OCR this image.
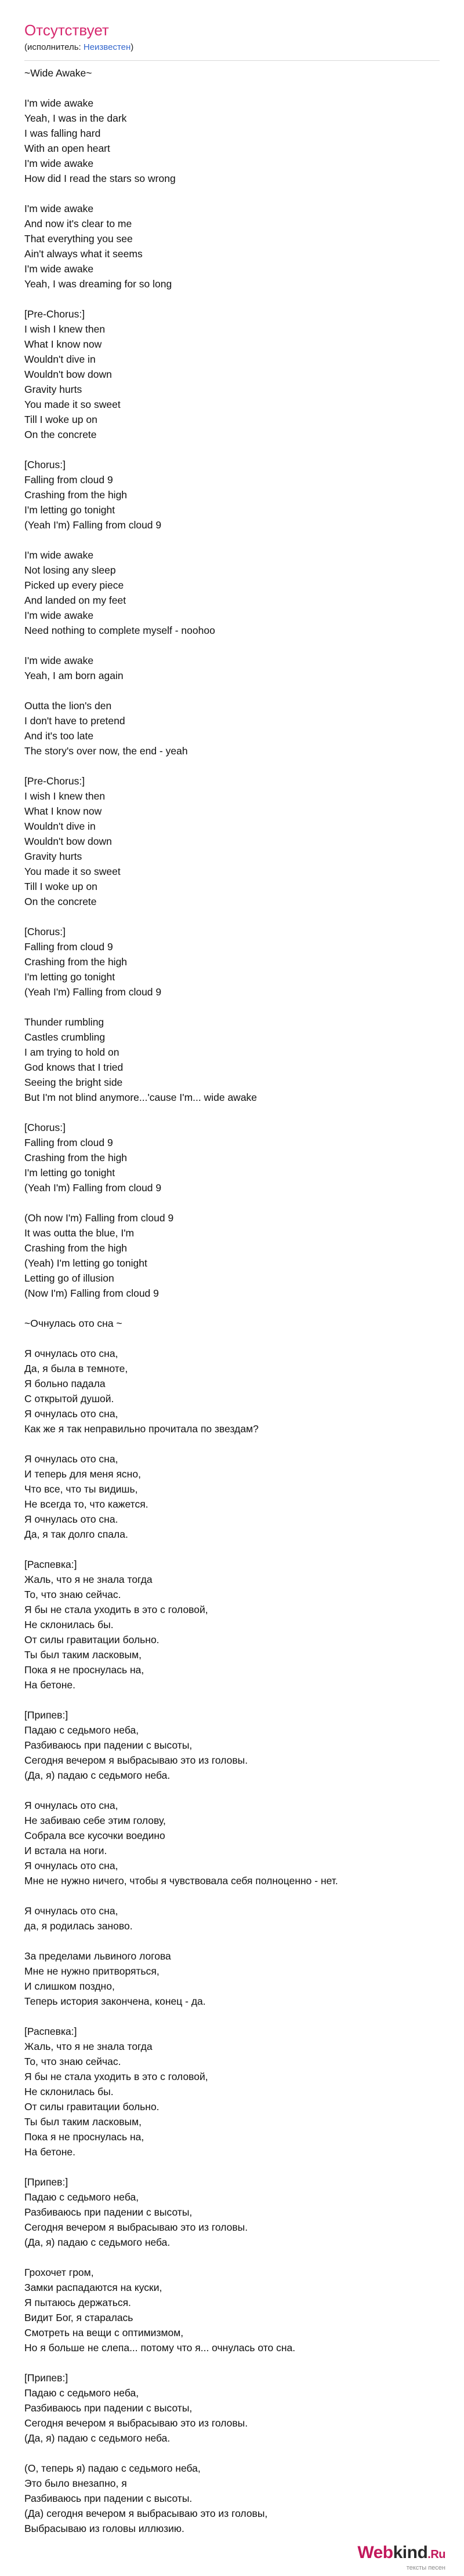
Отсутствует

(исполнитель: Неизвестен)

~Wide Awake~
I'm wide awake
Yeah, I was in the dark
I was falling hard
With an open heart
I'm wide awake
How did I read the stars so wrong
I'm wide awake
And now it's clear to me
That everything you see
Ain't always what it seems
I'm wide awake
Yeah, I was dreaming for so long
[Pre-Chorus:]
I wish I knew then
What I know now
Wouldn't dive in
Wouldn't bow down
Gravity hurts
You made it so sweet
Till I woke up on
On the concrete
[Chorus:]
Falling from cloud 9
Crashing from the high
I'm letting go tonight
(Yeah I'm) Falling from cloud 9
I'm wide awake
Not losing any sleep
Picked up every piece
And landed on my feet
I'm wide awake
Need nothing to complete myself - noohoo
I'm wide awake
Yeah, I am born again
Outta the lion's den
I don't have to pretend
And it's too late
The story's over now, the end - yeah
[Pre-Chorus:]
I wish I knew then
What I know now
Wouldn't dive in
Wouldn't bow down
Gravity hurts
You made it so sweet
Till I woke up on
On the concrete
[Chorus:]
Falling from cloud 9
Crashing from the high
I'm letting go tonight
(Yeah I'm) Falling from cloud 9
Thunder rumbling
Castles crumbling
I am trying to hold on
God knows that I tried
Seeing the bright side
But I'm not blind anymore...'cause I'm... wide awake
[Chorus:]
Falling from cloud 9
Crashing from the high
I'm letting go tonight
(Yeah I'm) Falling from cloud 9
(Oh now I'm) Falling from cloud 9
It was outta the blue, I'm
Crashing from the high
(Yeah) I'm letting go tonight
Letting go of illusion
(Now I'm) Falling from cloud 9
~Очнулась ото сна ~
Я очнулась ото сна,
Да, я была в темноте,
Я больно падала
С открытой душой.
Я очнулась ото сна,
Как же я так неправильно прочитала по звездам?
Я очнулась ото сна,
И теперь для меня ясно,
Что все, что ты видишь,
Не всегда то, что кажется.
Я очнулась ото сна.
Да, я так долго спала.
[Распевка:]
Жаль, что я не знала тогда
То, что знаю сейчас.
Я бы не стала уходить в это с головой,
Не склонилась бы.
От силы гравитации больно.
Ты был таким ласковым,
Пока я не проснулась на,
На бетоне.
[Припев:]
Падаю с седьмого неба,
Разбиваюсь при падении с высоты,
Сегодня вечером я выбрасываю это из головы.
(Да, я) падаю с седьмого неба.
Я очнулась ото сна,
Не забиваю себе этим голову,
Собрала все кусочки воедино
И встала на ноги.
Я очнулась ото сна,
Мне не нужно ничего, чтобы я чувствовала себя полноценно - нет.
Я очнулась ото сна,
да, я родилась заново.
За пределами львиного логова
Мне не нужно притворяться,
И слишком поздно,
Теперь история закончена, конец - да.
[Распевка:]
Жаль, что я не знала тогда
То, что знаю сейчас.
Я бы не стала уходить в это с головой,
Не склонилась бы.
От силы гравитации больно.
Ты был таким ласковым,
Пока я не проснулась на,
На бетоне.
[Припев:]
Падаю с седьмого неба,
Разбиваюсь при падении с высоты,
Сегодня вечером я выбрасываю это из головы.
(Да, я) падаю с седьмого неба.
Грохочет гром,
Замки распадаются на куски,
Я пытаюсь держаться.
Видит Бог, я старалась
Смотреть на вещи с оптимизмом,
Но я больше не слепа... потому что я... очнулась ото сна.
[Припев:]
Падаю с седьмого неба,
Разбиваюсь при падении с высоты,
Сегодня вечером я выбрасываю это из головы.
(Да, я) падаю с седьмого неба.
(О, теперь я) падаю с седьмого неба,
Это было внезапно, я
Разбиваюсь при падении с высоты.
(Да) сегодня вечером я выбрасываю это из головы,
Выбрасываю из головы иллюзию.
Webkind.Ru
тексты песен
